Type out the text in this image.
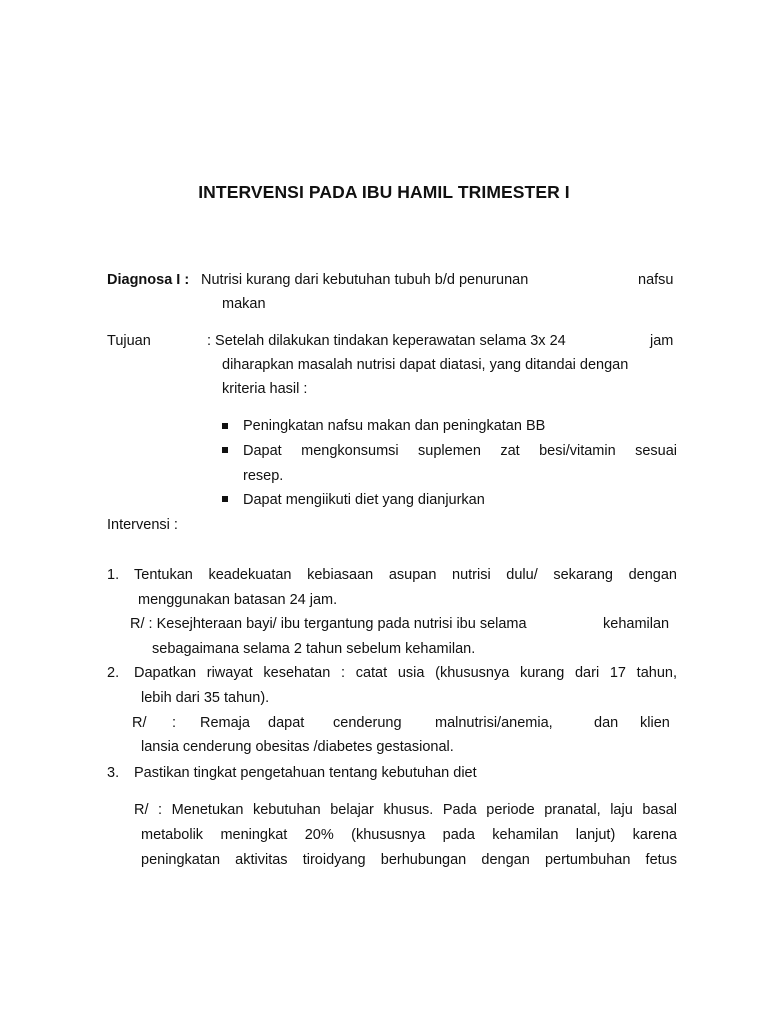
INTERVENSI PADA IBU HAMIL TRIMESTER I
Diagnosa I : Nutrisi kurang dari kebutuhan tubuh b/d penurunan	nafsu
makan
Tujuan	: Setelah dilakukan tindakan keperawatan selama 3x 24	jam
diharapkan masalah nutrisi dapat diatasi, yang ditandai dengan
kriteria hasil :
Peningkatan nafsu makan dan peningkatan BB
Dapat mengkonsumsi suplemen zat besi/vitamin sesuai
resep.
Dapat mengiikuti diet yang dianjurkan
Intervensi :
1. Tentukan keadekuatan kebiasaan asupan nutrisi dulu/ sekarang dengan
menggunakan batasan 24 jam.
R/ : Kesejhteraan bayi/ ibu tergantung pada nutrisi ibu selama	kehamilan
sebagaimana selama 2 tahun sebelum kehamilan.
2. Dapatkan riwayat kesehatan : catat usia (khususnya kurang dari 17 tahun,
lebih dari 35 tahun).
R/ : Remaja dapat cenderung malnutrisi/anemia,	dan klien
lansia cenderung obesitas /diabetes gestasional.
3. Pastikan tingkat pengetahuan tentang kebutuhan diet
R/ : Menetukan kebutuhan belajar khusus. Pada periode pranatal, laju basal
metabolik meningkat 20% (khususnya pada kehamilan lanjut) karena
peningkatan aktivitas tiroidyang berhubungan dengan pertumbuhan fetus
